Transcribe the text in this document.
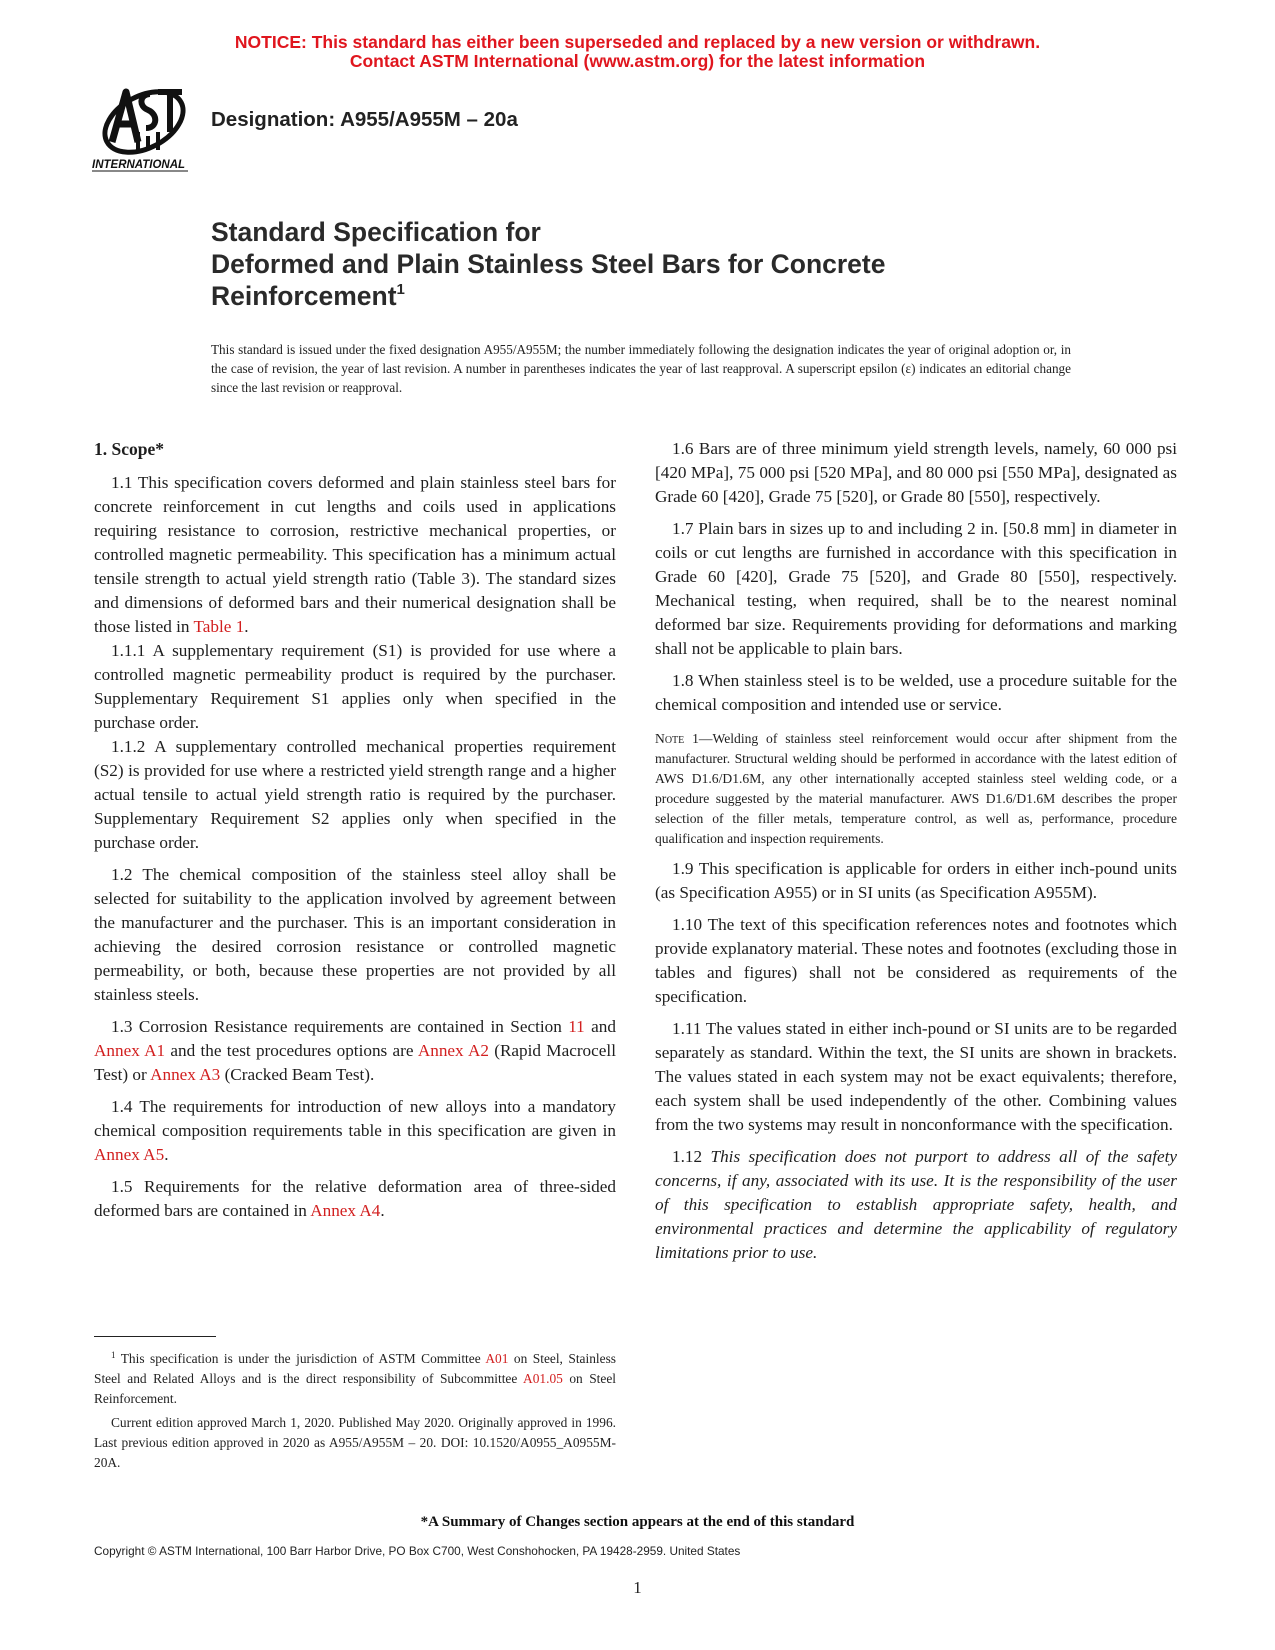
NOTICE: This standard has either been superseded and replaced by a new version or withdrawn.
Contact ASTM International (www.astm.org) for the latest information
INTERNATIONAL
Designation: A955/A955M – 20a
Standard Specification for
Deformed and Plain Stainless Steel Bars for Concrete
Reinforcement$^1$
This standard is issued under the fixed designation A955/A955M; the number immediately following the designation indicates the year of original adoption or, in the case of revision, the year of last revision. A number in parentheses indicates the year of last reapproval. A superscript epsilon (ε) indicates an editorial change since the last revision or reapproval.

1. Scope*

1.1 This specification covers deformed and plain stainless steel bars for concrete reinforcement in cut lengths and coils used in applications requiring resistance to corrosion, restrictive mechanical properties, or controlled magnetic permeability. This specification has a minimum actual tensile strength to actual yield strength ratio (Table 3). The standard sizes and dimensions of deformed bars and their numerical designation shall be those listed in Table 1.

1.1.1 A supplementary requirement (S1) is provided for use where a controlled magnetic permeability product is required by the purchaser. Supplementary Requirement S1 applies only when specified in the purchase order.

1.1.2 A supplementary controlled mechanical properties requirement (S2) is provided for use where a restricted yield strength range and a higher actual tensile to actual yield strength ratio is required by the purchaser. Supplementary Requirement S2 applies only when specified in the purchase order.

1.2 The chemical composition of the stainless steel alloy shall be selected for suitability to the application involved by agreement between the manufacturer and the purchaser. This is an important consideration in achieving the desired corrosion resistance or controlled magnetic permeability, or both, because these properties are not provided by all stainless steels.

1.3 Corrosion Resistance requirements are contained in Section 11 and Annex A1 and the test procedures options are Annex A2 (Rapid Macrocell Test) or Annex A3 (Cracked Beam Test).

1.4 The requirements for introduction of new alloys into a mandatory chemical composition requirements table in this specification are given in Annex A5.

1.5 Requirements for the relative deformation area of three-sided deformed bars are contained in Annex A4.

1.6 Bars are of three minimum yield strength levels, namely, 60 000 psi [420 MPa], 75 000 psi [520 MPa], and 80 000 psi [550 MPa], designated as Grade 60 [420], Grade 75 [520], or Grade 80 [550], respectively.

1.7 Plain bars in sizes up to and including 2 in. [50.8 mm] in diameter in coils or cut lengths are furnished in accordance with this specification in Grade 60 [420], Grade 75 [520], and Grade 80 [550], respectively. Mechanical testing, when required, shall be to the nearest nominal deformed bar size. Requirements providing for deformations and marking shall not be applicable to plain bars.

1.8 When stainless steel is to be welded, use a procedure suitable for the chemical composition and intended use or service.

Note 1—Welding of stainless steel reinforcement would occur after shipment from the manufacturer. Structural welding should be performed in accordance with the latest edition of AWS D1.6/D1.6M, any other internationally accepted stainless steel welding code, or a procedure suggested by the material manufacturer. AWS D1.6/D1.6M describes the proper selection of the filler metals, temperature control, as well as, performance, procedure qualification and inspection requirements.

1.9 This specification is applicable for orders in either inch-pound units (as Specification A955) or in SI units (as Specification A955M).

1.10 The text of this specification references notes and footnotes which provide explanatory material. These notes and footnotes (excluding those in tables and figures) shall not be considered as requirements of the specification.

1.11 The values stated in either inch-pound or SI units are to be regarded separately as standard. Within the text, the SI units are shown in brackets. The values stated in each system may not be exact equivalents; therefore, each system shall be used independently of the other. Combining values from the two systems may result in nonconformance with the specification.

1.12 This specification does not purport to address all of the safety concerns, if any, associated with its use. It is the responsibility of the user of this specification to establish appropriate safety, health, and environmental practices and determine the applicability of regulatory limitations prior to use.

$^1$ This specification is under the jurisdiction of ASTM Committee A01 on Steel, Stainless Steel and Related Alloys and is the direct responsibility of Subcommittee A01.05 on Steel Reinforcement.

Current edition approved March 1, 2020. Published May 2020. Originally approved in 1996. Last previous edition approved in 2020 as A955/A955M – 20. DOI: 10.1520/A0955_A0955M-20A.

*A Summary of Changes section appears at the end of this standard
Copyright © ASTM International, 100 Barr Harbor Drive, PO Box C700, West Conshohocken, PA 19428-2959. United States
1
